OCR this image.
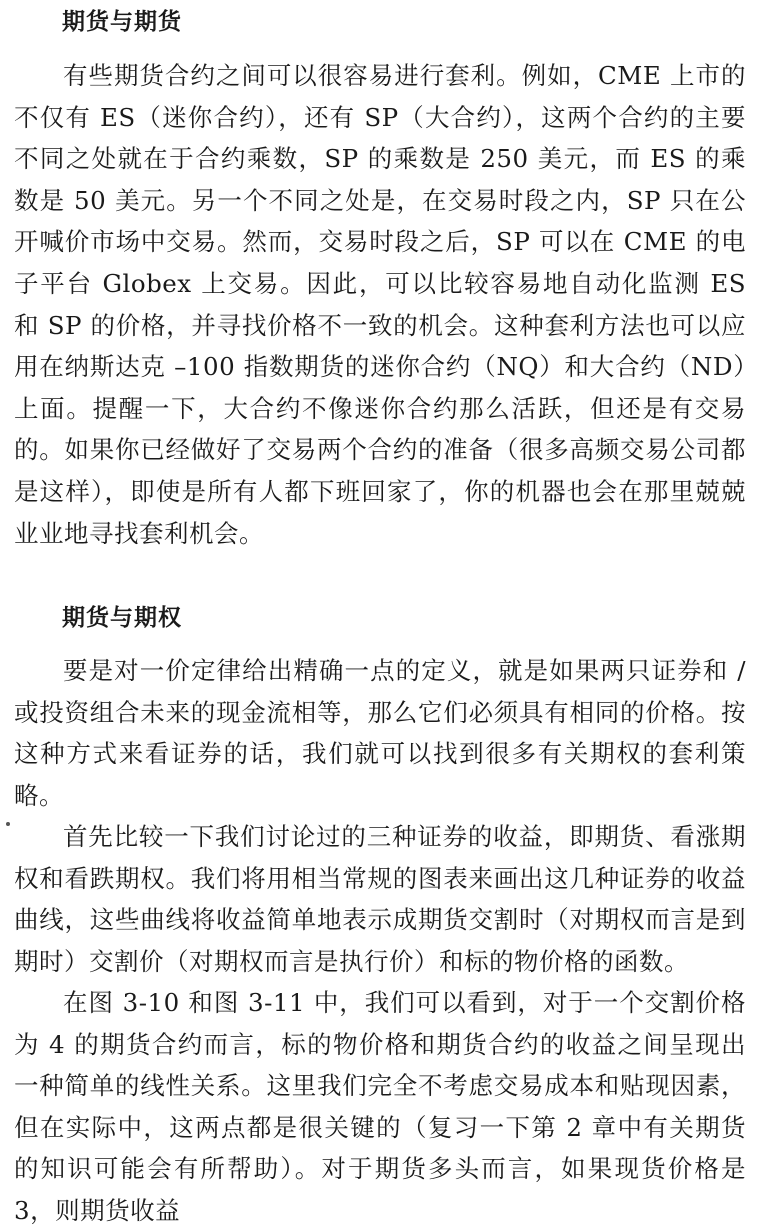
期货与期货

有些期货合约之间可以很容易进行套利。例如，CME 上市的不仅有 ES（迷你合约），还有 SP（大合约），这两个合约的主要不同之处就在于合约乘数，SP 的乘数是 250 美元，而 ES 的乘数是 50 美元。另一个不同之处是，在交易时段之内，SP 只在公开喊价市场中交易。然而，交易时段之后，SP 可以在 CME 的电子平台 Globex 上交易。因此，可以比较容易地自动化监测 ES 和 SP 的价格，并寻找价格不一致的机会。这种套利方法也可以应用在纳斯达克 –100 指数期货的迷你合约（NQ）和大合约（ND）上面。提醒一下，大合约不像迷你合约那么活跃，但还是有交易的。如果你已经做好了交易两个合约的准备（很多高频交易公司都是这样），即使是所有人都下班回家了，你的机器也会在那里兢兢业业地寻找套利机会。

期货与期权

要是对一价定律给出精确一点的定义，就是如果两只证券和 / 或投资组合未来的现金流相等，那么它们必须具有相同的价格。按这种方式来看证券的话，我们就可以找到很多有关期权的套利策略。

首先比较一下我们讨论过的三种证券的收益，即期货、看涨期权和看跌期权。我们将用相当常规的图表来画出这几种证券的收益曲线，这些曲线将收益简单地表示成期货交割时（对期权而言是到期时）交割价（对期权而言是执行价）和标的物价格的函数。

在图 3-10 和图 3-11 中，我们可以看到，对于一个交割价格为 4 的期货合约而言，标的物价格和期货合约的收益之间呈现出一种简单的线性关系。这里我们完全不考虑交易成本和贴现因素，但在实际中，这两点都是很关键的（复习一下第 2 章中有关期货的知识可能会有所帮助）。对于期货多头而言，如果现货价格是 3，则期货收益
